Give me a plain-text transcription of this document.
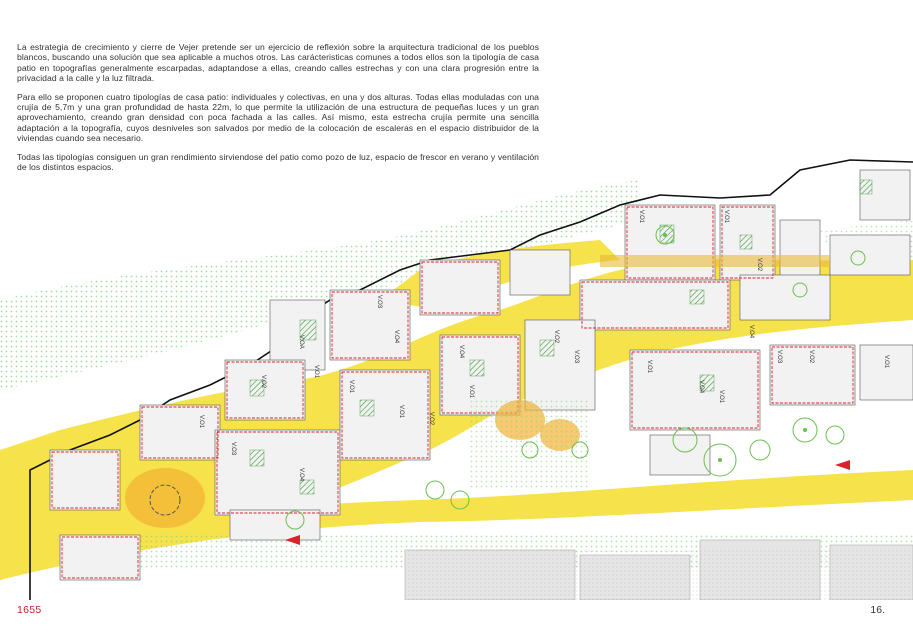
La estrategia de crecimiento y cierre de Vejer pretende ser un ejercicio de reflexión sobre la arquitectura tradicional de los pueblos blancos, buscando una solución que sea aplicable a muchos otros. Las carácteristicas comunes a todos ellos son la tipología de casa patio en topografías generalmente escarpadas, adaptandose a ellas, creando calles estrechas y con una clara progresión entre la privacidad a la calle y la luz filtrada.

Para ello se proponen cuatro tipologías de casa patio: individuales y colectivas, en una y dos alturas. Todas ellas moduladas con una crujía de 5,7m y una gran profundidad de hasta 22m, lo que permite la utilización de una estructura de pequeñas luces y un gran aprovechamiento, creando gran densidad con poca fachada a las calles. Así mismo, esta estrecha crujía permite una sencilla adaptación a la topografía, cuyos desniveles son salvados por medio de la colocación de escaleras en el espacio distribuidor de la viviendas cuando sea necesario.

Todas las tipologías consiguen un gran rendimiento sirviendose del patio como pozo de luz, espacio de frescor en verano y ventilación de los distintos espacios.

V.O1	V.O1
V.O2
V.O3
V.O4
V.OA
V.O1
V.O2
V.O1
V.O3
V.O4
V.O1
V.O2
V.O1
V.O4
V.O1
V.O2
V.O3
V.O1
V.O4
V.O1
V.O3
V.O4
V.O2	V.O1
1655	16.
